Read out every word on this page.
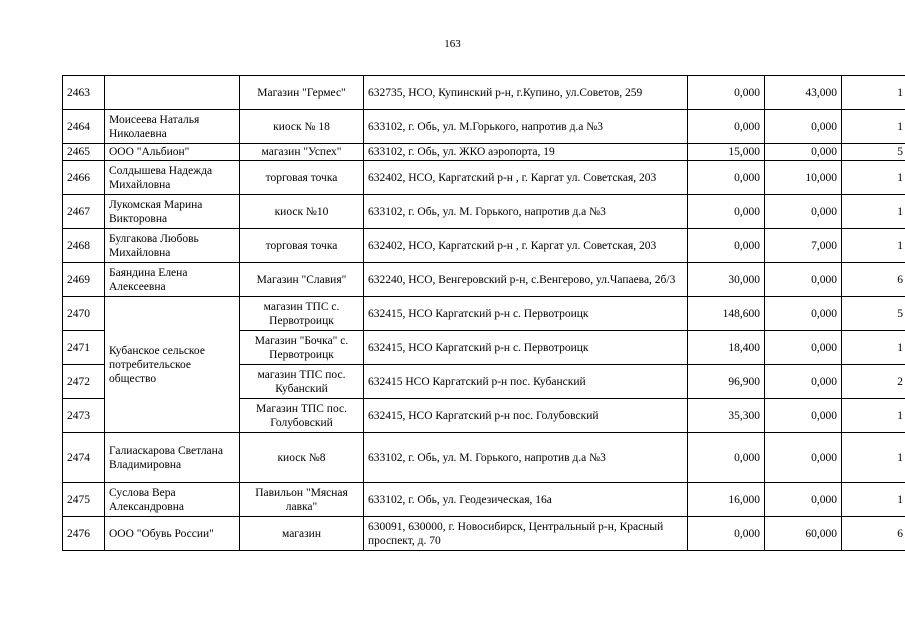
163
2463		Магазин "Гермес"	632735, НСО, Купинский р-н, г.Купино, ул.Советов, 259	0,000	43,000	1
2464	Моисеева Наталья Николаевна	киоск № 18	633102, г. Обь, ул. М.Горького, напротив д.а №3	0,000	0,000	1
2465	ООО "Альбион"	магазин "Успех"	633102, г. Обь, ул. ЖКО аэропорта, 19	15,000	0,000	5
2466	Солдышева Надежда Михайловна	торговая точка	632402, НСО, Каргатский р-н , г. Каргат ул. Советская, 203	0,000	10,000	1
2467	Лукомская Марина Викторовна	киоск №10	633102, г. Обь, ул. М. Горького, напротив д.а №3	0,000	0,000	1
2468	Булгакова Любовь Михайловна	торговая точка	632402, НСО, Каргатский р-н , г. Каргат ул. Советская, 203	0,000	7,000	1
2469	Баяндина Елена Алексеевна	Магазин "Славия"	632240, НСО, Венгеровский р-н, с.Венгерово, ул.Чапаева, 2б/3	30,000	0,000	6
2470	Кубанское сельское потребительское общество	магазин ТПС с. Первотроицк	632415, НСО Каргатский р-н с. Первотроицк	148,600	0,000	5
2471		Магазин "Бочка" с. Первотроицк	632415, НСО Каргатский р-н с. Первотроицк	18,400	0,000	1
2472		магазин ТПС пос. Кубанский	632415 НСО Каргатский р-н пос. Кубанский	96,900	0,000	2
2473		Магазин ТПС пос. Голубовский	632415, НСО Каргатский р-н пос. Голубовский	35,300	0,000	1
2474	Галиаскарова Светлана Владимировна	киоск №8	633102, г. Обь, ул. М. Горького, напротив д.а №3	0,000	0,000	1
2475	Суслова Вера Александровна	Павильон "Мясная лавка"	633102, г. Обь, ул. Геодезическая, 16а	16,000	0,000	1
2476	ООО "Обувь России"	магазин	630091, 630000, г. Новосибирск, Центральный р-н, Красный проспект, д. 70	0,000	60,000	6
